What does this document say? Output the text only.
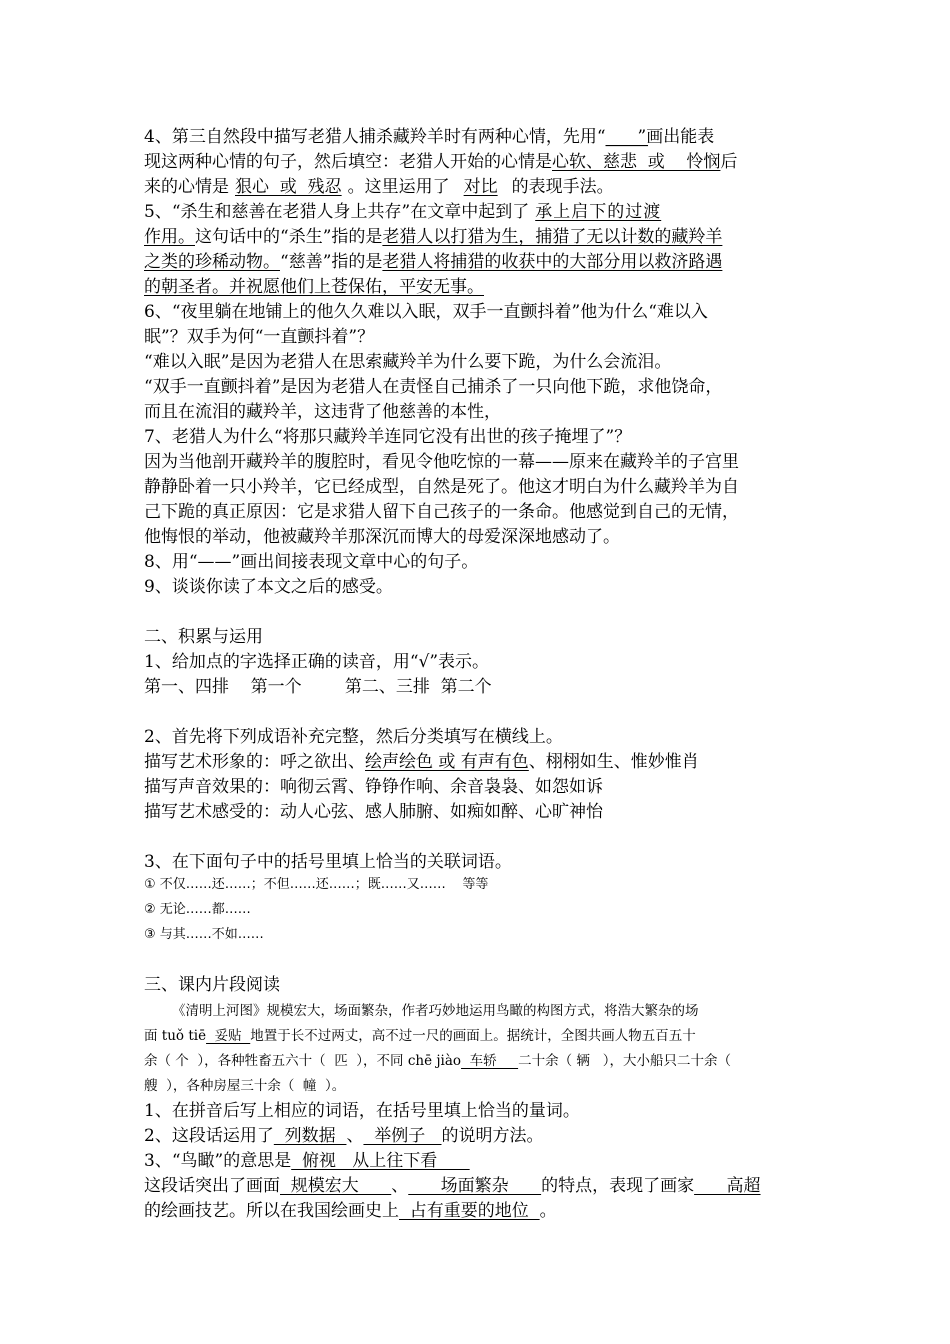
4、第三自然段中描写老猎人捕杀藏羚羊时有两种心情，先用“_____”画出能表
现这两种心情的句子，然后填空：老猎人开始的心情是心软、慈悲  或    怜悯后
来的心情是 狠心  或  残忍 。这里运用了 对比 的表现手法。
5、“杀生和慈善在老猎人身上共存”在文章中起到了 承上启下的过渡
作用。这句话中的“杀生”指的是老猎人以打猎为生，捕猎了无以计数的藏羚羊
之类的珍稀动物。“慈善”指的是老猎人将捕猎的收获中的大部分用以救济路遇
的朝圣者。并祝愿他们上苍保佑，平安无事。
6、“夜里躺在地铺上的他久久难以入眠，双手一直颤抖着”他为什么“难以入
眠”？双手为何“一直颤抖着”？
“难以入眠”是因为老猎人在思索藏羚羊为什么要下跪，为什么会流泪。
“双手一直颤抖着”是因为老猎人在责怪自己捕杀了一只向他下跪，求他饶命，
而且在流泪的藏羚羊，这违背了他慈善的本性，
7、老猎人为什么“将那只藏羚羊连同它没有出世的孩子掩埋了”？
因为当他剖开藏羚羊的腹腔时，看见令他吃惊的一幕——原来在藏羚羊的子宫里
静静卧着一只小羚羊，它已经成型，自然是死了。他这才明白为什么藏羚羊为自
己下跪的真正原因：它是求猎人留下自己孩子的一条命。他感觉到自己的无情，
他悔恨的举动，他被藏羚羊那深沉而博大的母爱深深地感动了。
8、用“——”画出间接表现文章中心的句子。
9、谈谈你读了本文之后的感受。
二、积累与运用
1、给加点的字选择正确的读音，用“√”表示。
第一、四排    第一个        第二、三排  第二个
2、首先将下列成语补充完整，然后分类填写在横线上。
描写艺术形象的：呼之欲出、绘声绘色 或 有声有色、栩栩如生、惟妙惟肖
描写声音效果的：响彻云霄、铮铮作响、余音袅袅、如怨如诉
描写艺术感受的：动人心弦、感人肺腑、如痴如醉、心旷神怡
3、在下面句子中的括号里填上恰当的关联词语。
① 不仅……还……；不但……还……；既……又……    等等
② 无论……都……
③ 与其……不如……
三、课内片段阅读
《清明上河图》规模宏大，场面繁杂，作者巧妙地运用鸟瞰的构图方式，将浩大繁杂的场
面 tuǒ tiē  妥贴  地置于长不过两丈，高不过一尺的画面上。据统计，全图共画人物五百五十
余（ 个  ），各种牲畜五六十（  匹  ），不同 chē jiào  车轿     二十余（ 辆   ），大小船只二十余（
艘  ），各种房屋三十余（  幢  ）。
1、在拼音后写上相应的词语，在括号里填上恰当的量词。
2、这段话运用了  列数据  、  举例子   的说明方法。
3、“鸟瞰”的意思是  俯视   从上往下看
这段话突出了画面  规模宏大      、      场面繁杂      的特点，表现了画家      高超
的绘画技艺。所以在我国绘画史上  占有重要的地位  。
